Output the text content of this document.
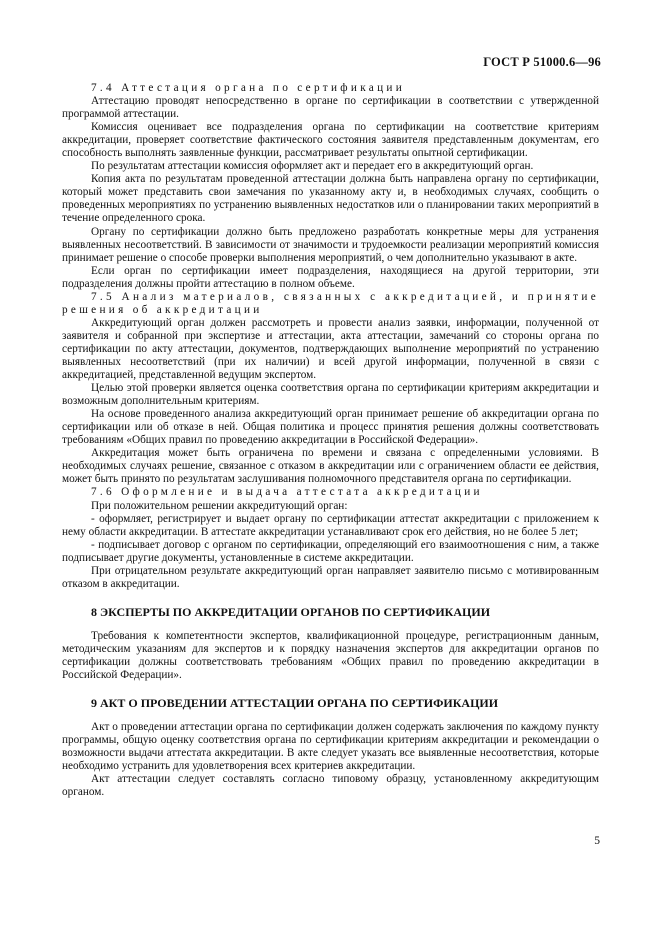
ГОСТ Р 51000.6—96

7.4 Аттестация органа по сертификации

Аттестацию проводят непосредственно в органе по сертификации в соответствии с утвержденной программой аттестации.

Комиссия оценивает все подразделения органа по сертификации на соответствие критериям аккредитации, проверяет соответствие фактического состояния заявителя представленным документам, его способность выполнять заявленные функции, рассматривает результаты опытной сертификации.

По результатам аттестации комиссия оформляет акт и передает его в аккредитующий орган.

Копия акта по результатам проведенной аттестации должна быть направлена органу по сертификации, который может представить свои замечания по указанному акту и, в необходимых случаях, сообщить о проведенных мероприятиях по устранению выявленных недостатков или о планировании таких мероприятий в течение определенного срока.

Органу по сертификации должно быть предложено разработать конкретные меры для устранения выявленных несоответствий. В зависимости от значимости и трудоемкости реализации мероприятий комиссия принимает решение о способе проверки выполнения мероприятий, о чем дополнительно указывают в акте.

Если орган по сертификации имеет подразделения, находящиеся на другой территории, эти подразделения должны пройти аттестацию в полном объеме.

7.5 Анализ материалов, связанных с аккредитацией, и принятие решения об аккредитации

Аккредитующий орган должен рассмотреть и провести анализ заявки, информации, полученной от заявителя и собранной при экспертизе и аттестации, акта аттестации, замечаний со стороны органа по сертификации по акту аттестации, документов, подтверждающих выполнение мероприятий по устранению выявленных несоответствий (при их наличии) и всей другой информации, полученной в связи с аккредитацией, представленной ведущим экспертом.

Целью этой проверки является оценка соответствия органа по сертификации критериям аккредитации и возможным дополнительным критериям.

На основе проведенного анализа аккредитующий орган принимает решение об аккредитации органа по сертификации или об отказе в ней. Общая политика и процесс принятия решения должны соответствовать требованиям «Общих правил по проведению аккредитации в Российской Федерации».

Аккредитация может быть ограничена по времени и связана с определенными условиями. В необходимых случаях решение, связанное с отказом в аккредитации или с ограничением области ее действия, может быть принято по результатам заслушивания полномочного представителя органа по сертификации.

7.6 Оформление и выдача аттестата аккредитации

При положительном решении аккредитующий орган:

- оформляет, регистрирует и выдает органу по сертификации аттестат аккредитации с приложением к нему области аккредитации. В аттестате аккредитации устанавливают срок его действия, но не более 5 лет;

- подписывает договор с органом по сертификации, определяющий его взаимоотношения с ним, а также подписывает другие документы, установленные в системе аккредитации.

При отрицательном результате аккредитующий орган направляет заявителю письмо с мотивированным отказом в аккредитации.

8 ЭКСПЕРТЫ ПО АККРЕДИТАЦИИ ОРГАНОВ ПО СЕРТИФИКАЦИИ

Требования к компетентности экспертов, квалификационной процедуре, регистрационным данным, методическим указаниям для экспертов и к порядку назначения экспертов для аккредитации органов по сертификации должны соответствовать требованиям «Общих правил по проведению аккредитации в Российской Федерации».

9 АКТ О ПРОВЕДЕНИИ АТТЕСТАЦИИ ОРГАНА ПО СЕРТИФИКАЦИИ

Акт о проведении аттестации органа по сертификации должен содержать заключения по каждому пункту программы, общую оценку соответствия органа по сертификации критериям аккредитации и рекомендации о возможности выдачи аттестата аккредитации. В акте следует указать все выявленные несоответствия, которые необходимо устранить для удовлетворения всех критериев аккредитации.

Акт аттестации следует составлять согласно типовому образцу, установленному аккредитующим органом.

5
